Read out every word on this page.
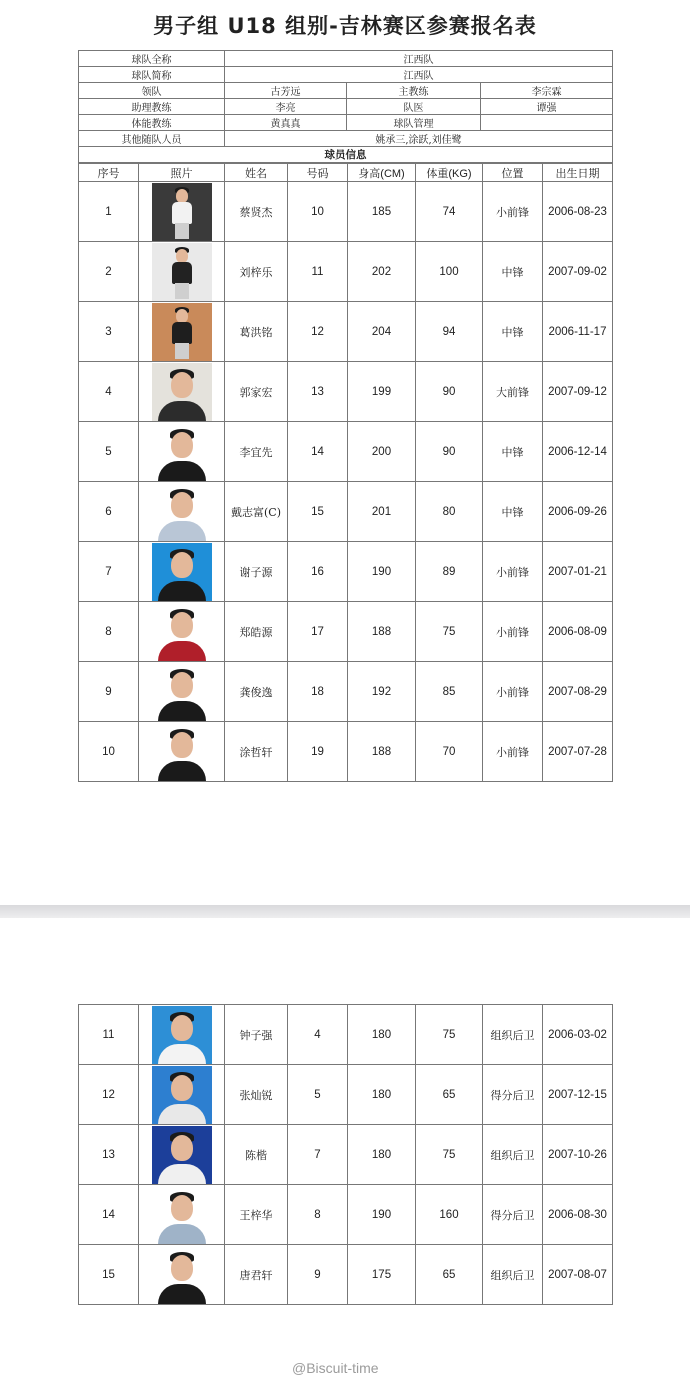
男子组 U18 组别-吉林赛区参赛报名表
球队全称	江西队		
球队简称	江西队		
领队	古芳远	主教练	李宗霖
助理教练	李亮	队医	谭强
体能教练	黄真真	球队管理	
其他随队人员	姚承三,涂跃,刘佳鹭		
球员信息			
序号	照片	姓名	号码	身高(CM)	体重(KG)	位置	出生日期
1		蔡贤杰	10	185	74	小前锋	2006-08-23
2		刘梓乐	11	202	100	中锋	2007-09-02
3		葛洪铭	12	204	94	中锋	2006-11-17
4		郭家宏	13	199	90	大前锋	2007-09-12
5		李宜先	14	200	90	中锋	2006-12-14
6		戴志富(C)	15	201	80	中锋	2006-09-26
7		谢子源	16	190	89	小前锋	2007-01-21
8		郑皓源	17	188	75	小前锋	2006-08-09
9		龚俊逸	18	192	85	小前锋	2007-08-29
10		涂哲轩	19	188	70	小前锋	2007-07-28
11		钟子强	4	180	75	组织后卫	2006-03-02
12		张灿锐	5	180	65	得分后卫	2007-12-15
13		陈楷	7	180	75	组织后卫	2007-10-26
14		王梓华	8	190	160	得分后卫	2006-08-30
15		唐君轩	9	175	65	组织后卫	2007-08-07
@Biscuit-time
